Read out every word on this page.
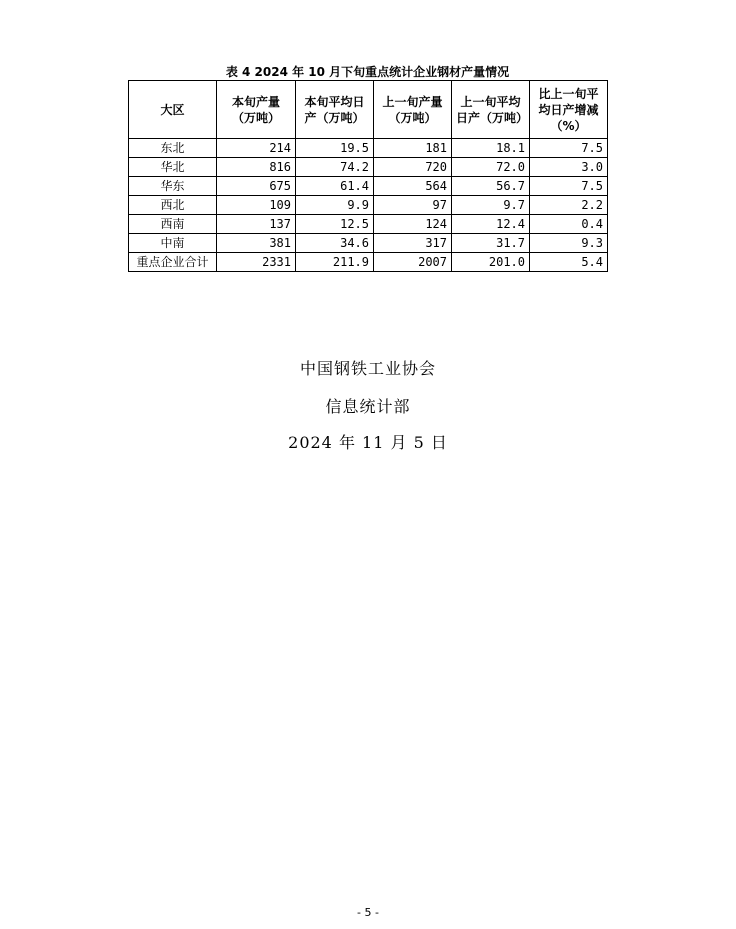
表 4 2024 年 10 月下旬重点统计企业钢材产量情况
大区	本旬产量（万吨）	本旬平均日产（万吨）	上一旬产量（万吨）	上一旬平均日产（万吨）	比上一旬平均日产增减（%）
东北	214	19.5	181	18.1	7.5
华北	816	74.2	720	72.0	3.0
华东	675	61.4	564	56.7	7.5
西北	109	9.9	97	9.7	2.2
西南	137	12.5	124	12.4	0.4
中南	381	34.6	317	31.7	9.3
重点企业合计	2331	211.9	2007	201.0	5.4
中国钢铁工业协会
信息统计部
2024 年 11 月 5 日
- 5 -
